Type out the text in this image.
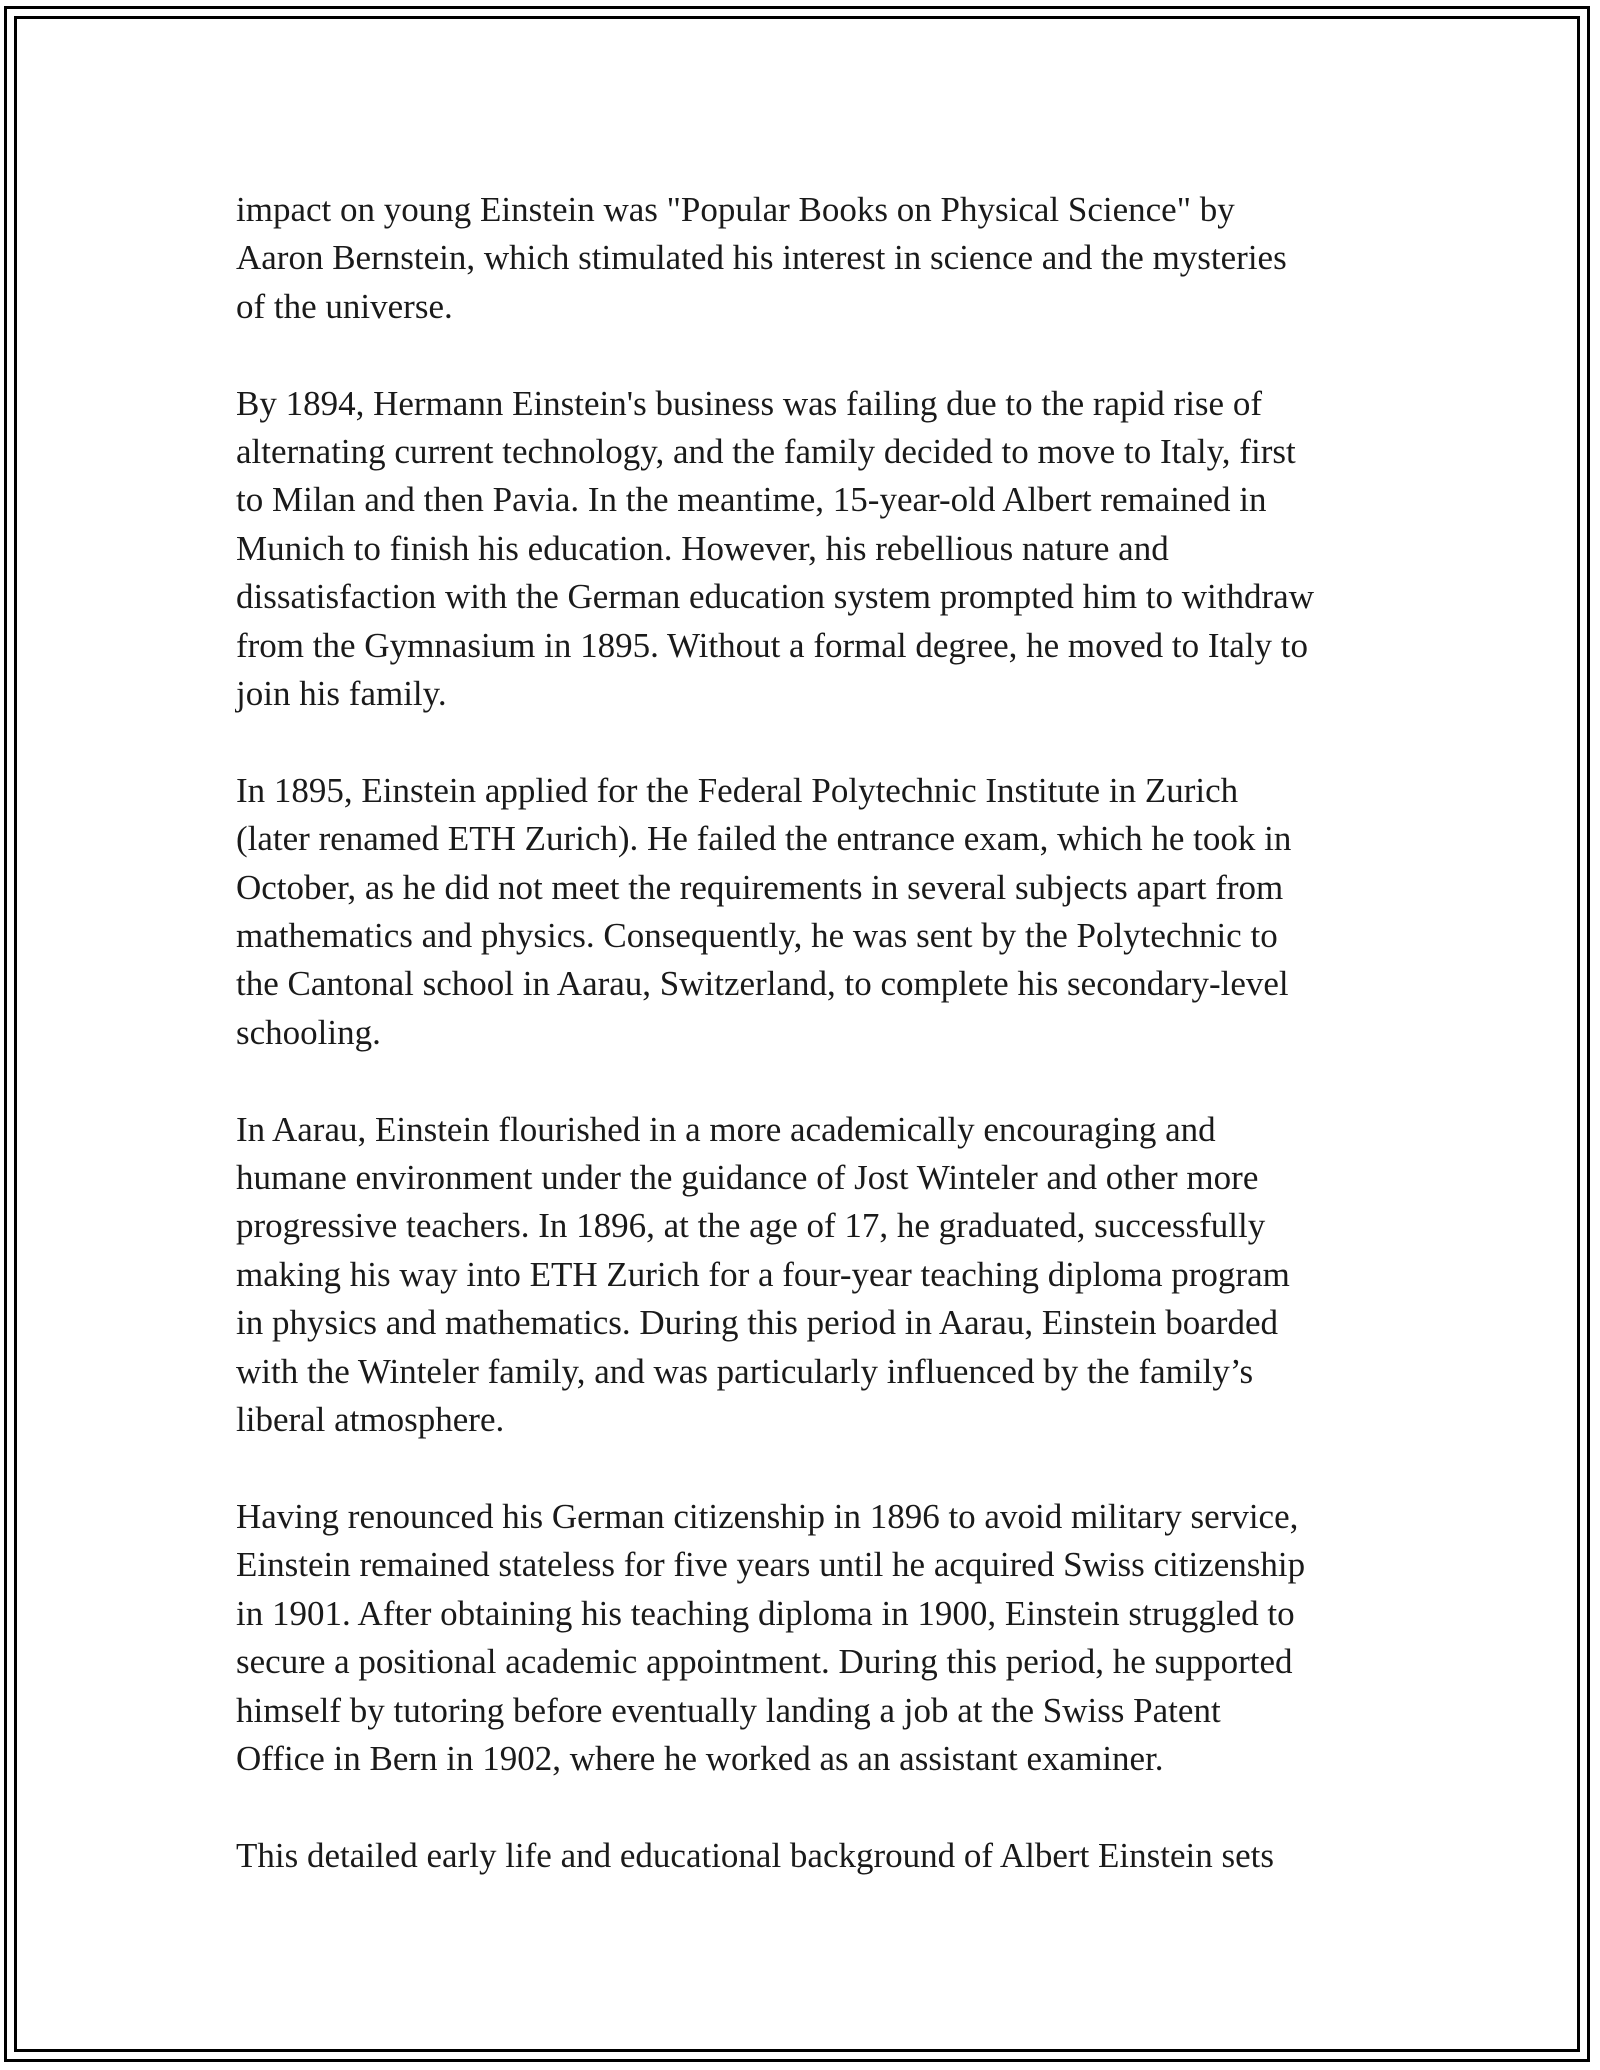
impact on young Einstein was "Popular Books on Physical Science" by
Aaron Bernstein, which stimulated his interest in science and the mysteries
of the universe.

By 1894, Hermann Einstein's business was failing due to the rapid rise of
alternating current technology, and the family decided to move to Italy, first
to Milan and then Pavia. In the meantime, 15-year-old Albert remained in
Munich to finish his education. However, his rebellious nature and
dissatisfaction with the German education system prompted him to withdraw
from the Gymnasium in 1895. Without a formal degree, he moved to Italy to
join his family.

In 1895, Einstein applied for the Federal Polytechnic Institute in Zurich
(later renamed ETH Zurich). He failed the entrance exam, which he took in
October, as he did not meet the requirements in several subjects apart from
mathematics and physics. Consequently, he was sent by the Polytechnic to
the Cantonal school in Aarau, Switzerland, to complete his secondary-level
schooling.

In Aarau, Einstein flourished in a more academically encouraging and
humane environment under the guidance of Jost Winteler and other more
progressive teachers. In 1896, at the age of 17, he graduated, successfully
making his way into ETH Zurich for a four-year teaching diploma program
in physics and mathematics. During this period in Aarau, Einstein boarded
with the Winteler family, and was particularly influenced by the family’s
liberal atmosphere.

Having renounced his German citizenship in 1896 to avoid military service,
Einstein remained stateless for five years until he acquired Swiss citizenship
in 1901. After obtaining his teaching diploma in 1900, Einstein struggled to
secure a positional academic appointment. During this period, he supported
himself by tutoring before eventually landing a job at the Swiss Patent
Office in Bern in 1902, where he worked as an assistant examiner.

This detailed early life and educational background of Albert Einstein sets
